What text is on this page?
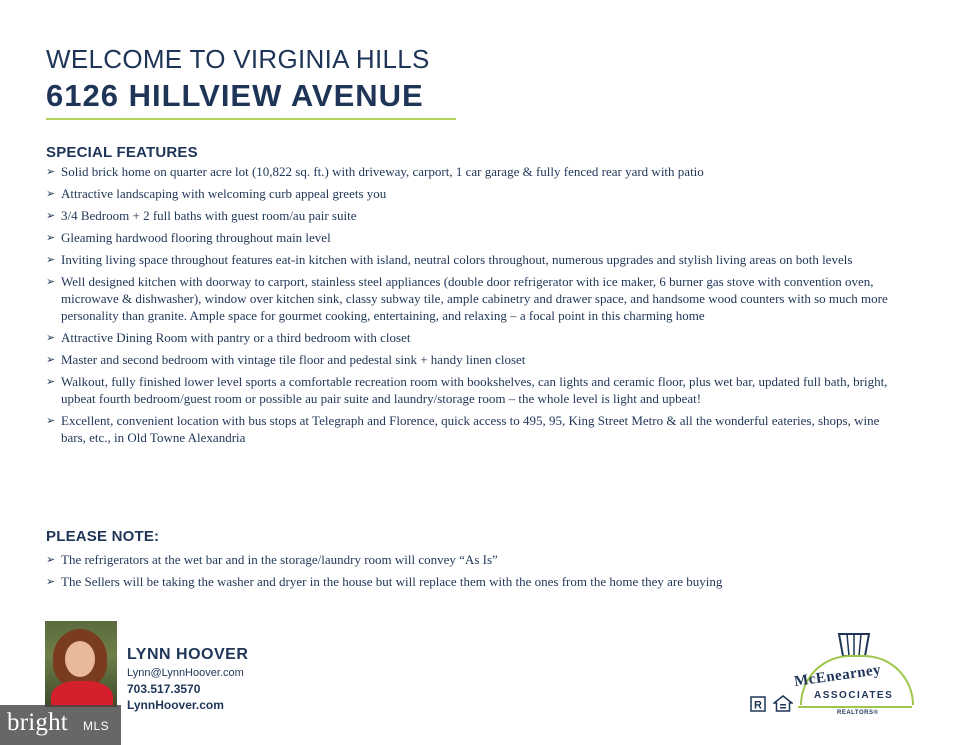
WELCOME TO VIRGINIA HILLS
6126 HILLVIEW AVENUE
SPECIAL FEATURES
➢ Solid brick home on quarter acre lot (10,822 sq. ft.) with driveway, carport, 1 car garage & fully fenced rear yard with patio
➢ Attractive landscaping with welcoming curb appeal greets you
➢ 3/4 Bedroom + 2 full baths with guest room/au pair suite
➢ Gleaming hardwood flooring throughout main level
➢ Inviting living space throughout features eat-in kitchen with island, neutral colors throughout, numerous upgrades and stylish living areas on both levels
➢ Well designed kitchen with doorway to carport, stainless steel appliances (double door refrigerator with ice maker, 6 burner gas stove with convention oven, microwave & dishwasher), window over kitchen sink, classy subway tile, ample cabinetry and drawer space, and handsome wood counters with so much more personality than granite. Ample space for gourmet cooking, entertaining, and relaxing – a focal point in this charming home
➢ Attractive Dining Room with pantry or a third bedroom with closet
➢ Master and second bedroom with vintage tile floor and pedestal sink + handy linen closet
➢ Walkout, fully finished lower level sports a comfortable recreation room with bookshelves, can lights and ceramic floor, plus wet bar, updated full bath, bright, upbeat fourth bedroom/guest room or possible au pair suite and laundry/storage room – the whole level is light and upbeat!
➢ Excellent, convenient location with bus stops at Telegraph and Florence, quick access to 495, 95, King Street Metro & all the wonderful eateries, shops, wine bars, etc., in Old Towne Alexandria
PLEASE NOTE:
➢ The refrigerators at the wet bar and in the storage/laundry room will convey “As Is”
➢ The Sellers will be taking the washer and dryer in the house but will replace them with the ones from the home they are buying
LYNN HOOVER
Lynn@LynnHoover.com
703.517.3570
LynnHoover.com	R
McEnearney
ASSOCIATES
REALTORS®
bright MLS
